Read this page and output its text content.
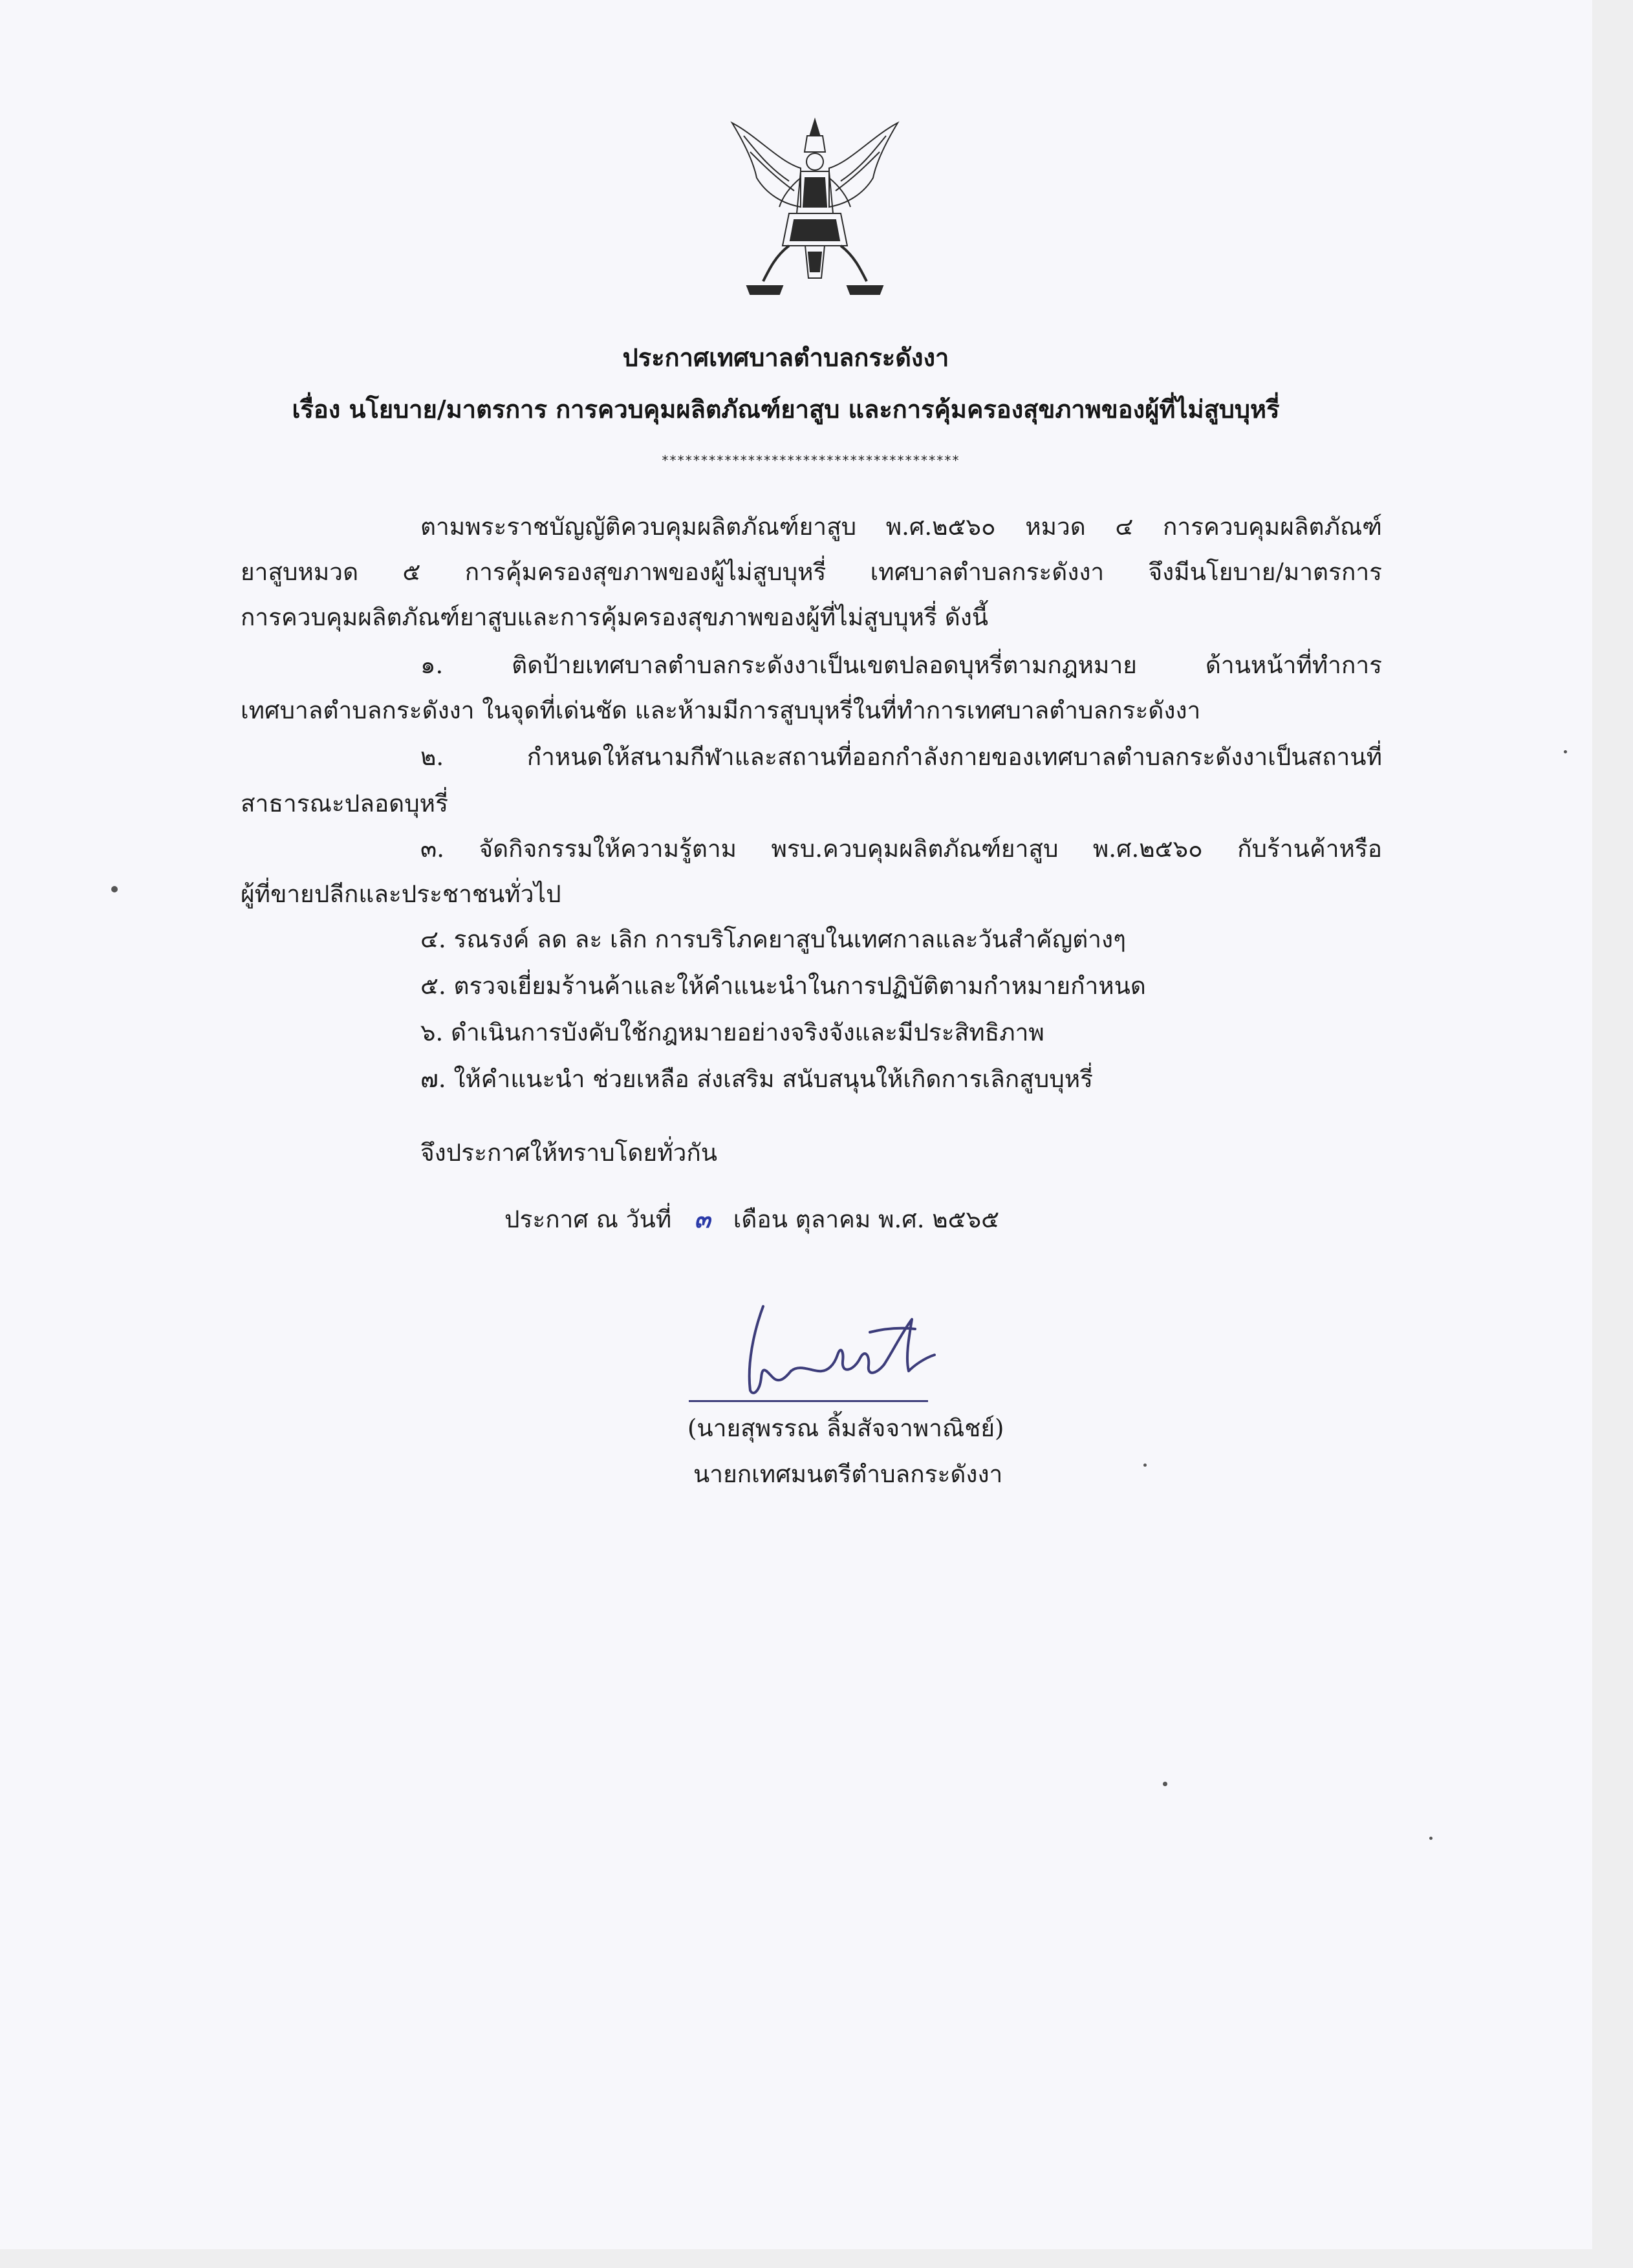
ประกาศเทศบาลตำบลกระดังงา
เรื่อง นโยบาย/มาตรการ การควบคุมผลิตภัณฑ์ยาสูบ และการคุ้มครองสุขภาพของผู้ที่ไม่สูบบุหรี่
**************************************
ตามพระราชบัญญัติควบคุมผลิตภัณฑ์ยาสูบ พ.ศ.๒๕๖๐ หมวด ๔ การควบคุมผลิตภัณฑ์
ยาสูบหมวด ๕ การคุ้มครองสุขภาพของผู้ไม่สูบบุหรี่ เทศบาลตำบลกระดังงา จึงมีนโยบาย/มาตรการ
การควบคุมผลิตภัณฑ์ยาสูบและการคุ้มครองสุขภาพของผู้ที่ไม่สูบบุหรี่ ดังนี้
๑. ติดป้ายเทศบาลตำบลกระดังงาเป็นเขตปลอดบุหรี่ตามกฎหมาย ด้านหน้าที่ทำการ
เทศบาลตำบลกระดังงา ในจุดที่เด่นชัด และห้ามมีการสูบบุหรี่ในที่ทำการเทศบาลตำบลกระดังงา
๒. กำหนดให้สนามกีฬาและสถานที่ออกกำลังกายของเทศบาลตำบลกระดังงาเป็นสถานที่
สาธารณะปลอดบุหรี่
๓. จัดกิจกรรมให้ความรู้ตาม พรบ.ควบคุมผลิตภัณฑ์ยาสูบ พ.ศ.๒๕๖๐ กับร้านค้าหรือ
ผู้ที่ขายปลีกและประชาชนทั่วไป
๔. รณรงค์ ลด ละ เลิก การบริโภคยาสูบในเทศกาลและวันสำคัญต่างๆ
๕. ตรวจเยี่ยมร้านค้าและให้คำแนะนำในการปฏิบัติตามกำหมายกำหนด
๖. ดำเนินการบังคับใช้กฎหมายอย่างจริงจังและมีประสิทธิภาพ
๗. ให้คำแนะนำ ช่วยเหลือ ส่งเสริม สนับสนุนให้เกิดการเลิกสูบบุหรี่
จึงประกาศให้ทราบโดยทั่วกัน
ประกาศ ณ วันที่ ๓ เดือน ตุลาคม พ.ศ. ๒๕๖๕
(นายสุพรรณ ลิ้มสัจจาพาณิชย์)
นายกเทศมนตรีตำบลกระดังงา
